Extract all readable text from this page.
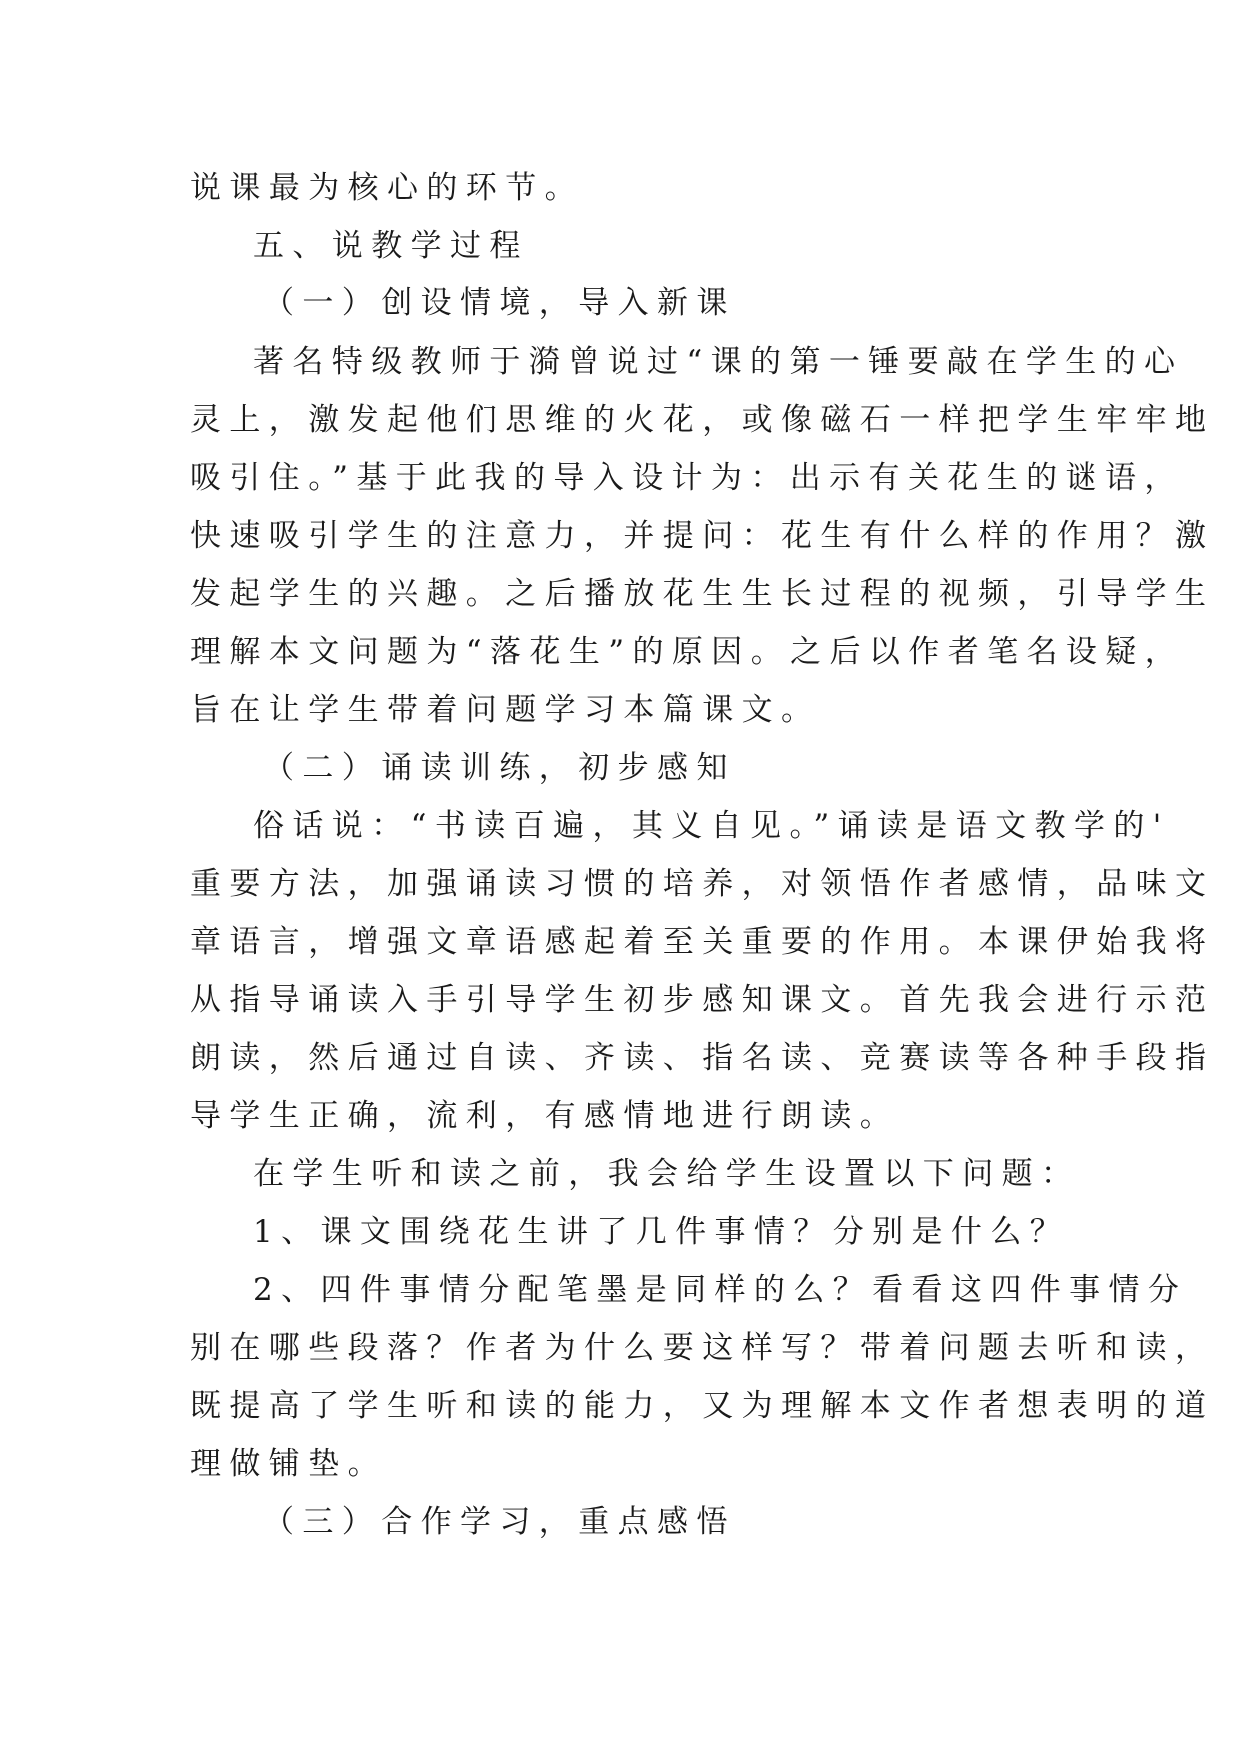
说课最为核心的环节。
五、说教学过程
（一）创设情境，导入新课
著名特级教师于漪曾说过“课的第一锤要敲在学生的心
灵上，激发起他们思维的火花，或像磁石一样把学生牢牢地
吸引住。”基于此我的导入设计为：出示有关花生的谜语，
快速吸引学生的注意力，并提问：花生有什么样的作用？激
发起学生的兴趣。之后播放花生生长过程的视频，引导学生
理解本文问题为“落花生”的原因。之后以作者笔名设疑，
旨在让学生带着问题学习本篇课文。
（二）诵读训练，初步感知
俗话说：“书读百遍，其义自见。”诵读是语文教学的'
重要方法，加强诵读习惯的培养，对领悟作者感情，品味文
章语言，增强文章语感起着至关重要的作用。本课伊始我将
从指导诵读入手引导学生初步感知课文。首先我会进行示范
朗读，然后通过自读、齐读、指名读、竞赛读等各种手段指
导学生正确，流利，有感情地进行朗读。
在学生听和读之前，我会给学生设置以下问题：
1、课文围绕花生讲了几件事情？分别是什么？
2、四件事情分配笔墨是同样的么？看看这四件事情分
别在哪些段落？作者为什么要这样写？带着问题去听和读，
既提高了学生听和读的能力，又为理解本文作者想表明的道
理做铺垫。
（三）合作学习，重点感悟
